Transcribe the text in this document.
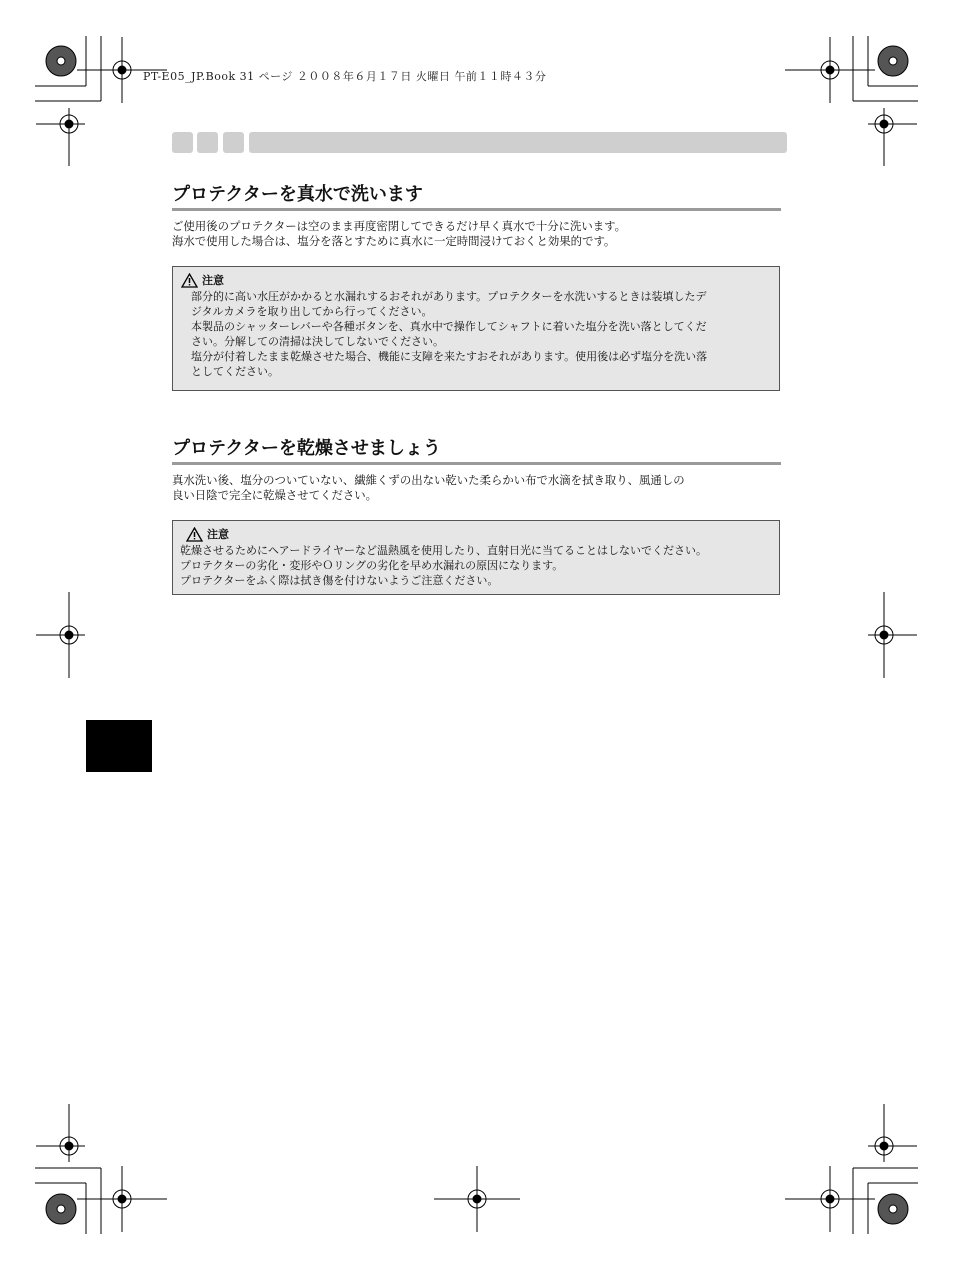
PT-E05_JP.Book 31 ページ ２００８年６月１７日 火曜日 午前１１時４３分
プロテクターを真水で洗います

ご使用後のプロテクターは空のまま再度密閉してできるだけ早く真水で十分に洗います。

海水で使用した場合は、塩分を落とすために真水に一定時間浸けておくと効果的です。

注意

部分的に高い水圧がかかると水漏れするおそれがあります。プロテクターを水洗いするときは装填したデ
ジタルカメラを取り出してから行ってください。

本製品のシャッターレバーや各種ボタンを、真水中で操作してシャフトに着いた塩分を洗い落としてくだ
さい。分解しての清掃は決してしないでください。

塩分が付着したまま乾燥させた場合、機能に支障を来たすおそれがあります。使用後は必ず塩分を洗い落
としてください。

プロテクターを乾燥させましょう

真水洗い後、塩分のついていない、繊維くずの出ない乾いた柔らかい布で水滴を拭き取り、風通しの

良い日陰で完全に乾燥させてください。

注意

乾燥させるためにヘアードライヤーなど温熱風を使用したり、直射日光に当てることはしないでください。

プロテクターの劣化・変形やＯリングの劣化を早め水漏れの原因になります。

プロテクターをふく際は拭き傷を付けないようご注意ください。
